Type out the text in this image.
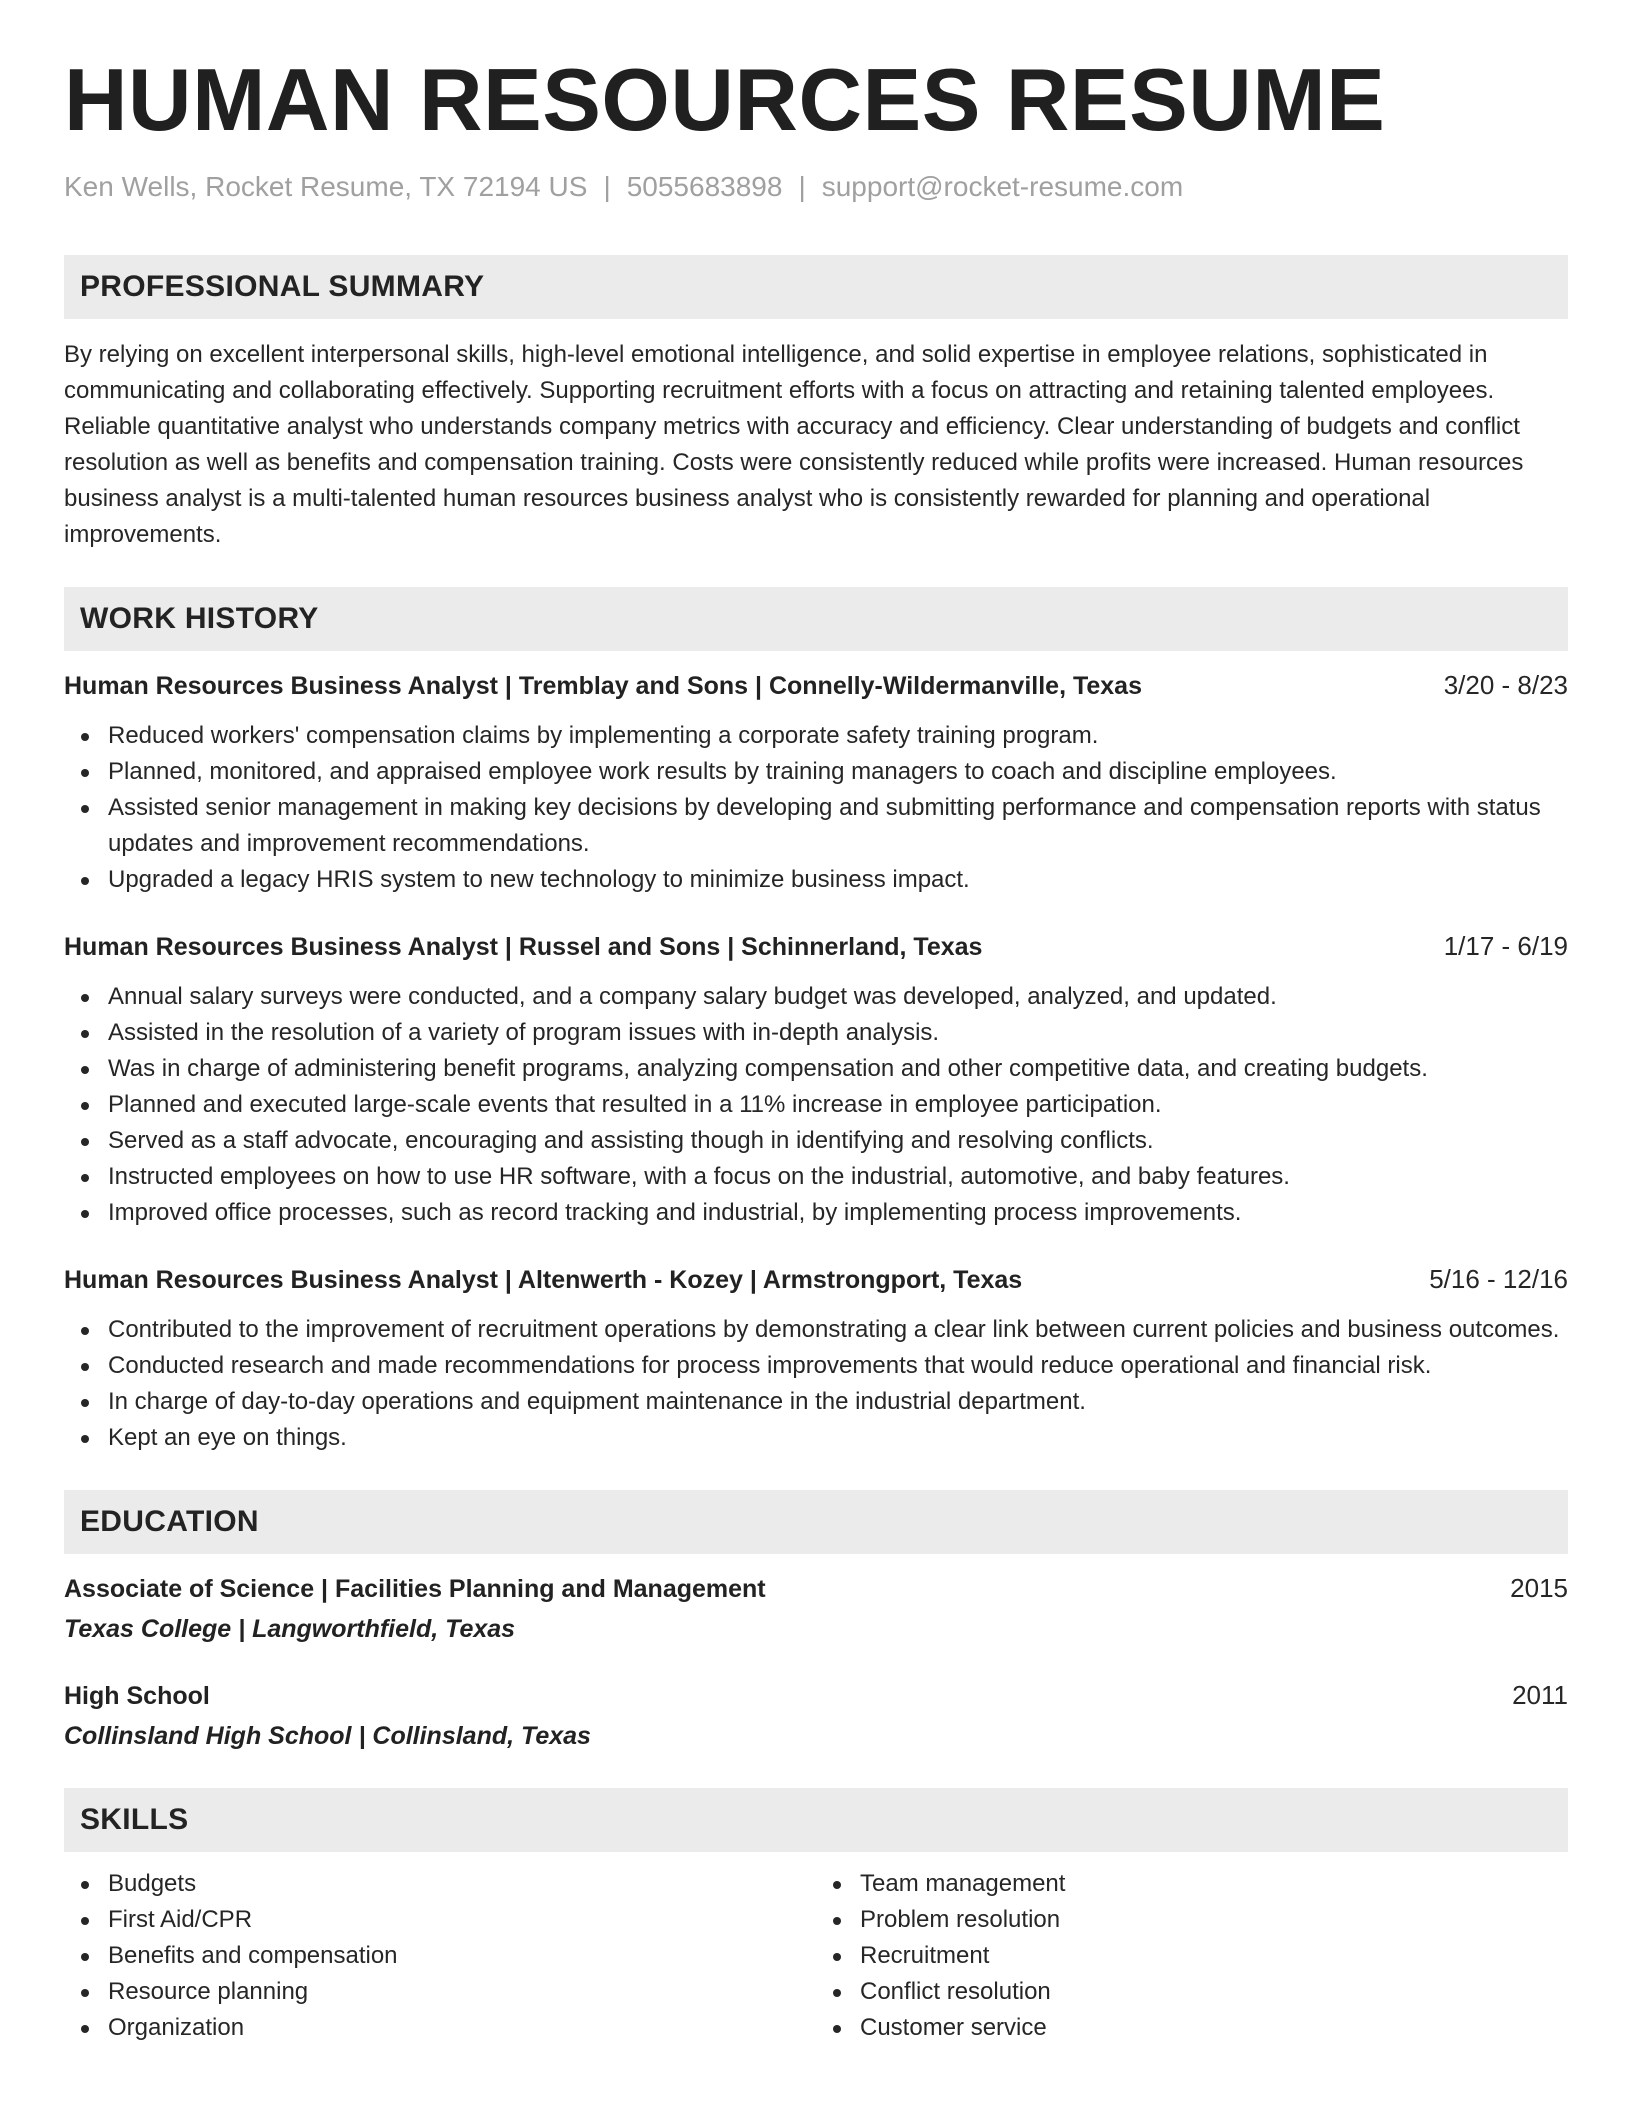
HUMAN RESOURCES RESUME
Ken Wells, Rocket Resume, TX 72194 US | 5055683898 | support@rocket-resume.com
PROFESSIONAL SUMMARY
By relying on excellent interpersonal skills, high-level emotional intelligence, and solid expertise in employee relations, sophisticated in communicating and collaborating effectively. Supporting recruitment efforts with a focus on attracting and retaining talented employees. Reliable quantitative analyst who understands company metrics with accuracy and efficiency. Clear understanding of budgets and conflict resolution as well as benefits and compensation training. Costs were consistently reduced while profits were increased. Human resources business analyst is a multi-talented human resources business analyst who is consistently rewarded for planning and operational improvements.
WORK HISTORY
Human Resources Business Analyst | Tremblay and Sons | Connelly-Wildermanville, Texas	3/20 - 8/23
Reduced workers' compensation claims by implementing a corporate safety training program.
Planned, monitored, and appraised employee work results by training managers to coach and discipline employees.
Assisted senior management in making key decisions by developing and submitting performance and compensation reports with status updates and improvement recommendations.
Upgraded a legacy HRIS system to new technology to minimize business impact.
Human Resources Business Analyst | Russel and Sons | Schinnerland, Texas	1/17 - 6/19
Annual salary surveys were conducted, and a company salary budget was developed, analyzed, and updated.
Assisted in the resolution of a variety of program issues with in-depth analysis.
Was in charge of administering benefit programs, analyzing compensation and other competitive data, and creating budgets.
Planned and executed large-scale events that resulted in a 11% increase in employee participation.
Served as a staff advocate, encouraging and assisting though in identifying and resolving conflicts.
Instructed employees on how to use HR software, with a focus on the industrial, automotive, and baby features.
Improved office processes, such as record tracking and industrial, by implementing process improvements.
Human Resources Business Analyst | Altenwerth - Kozey | Armstrongport, Texas	5/16 - 12/16
Contributed to the improvement of recruitment operations by demonstrating a clear link between current policies and business outcomes.
Conducted research and made recommendations for process improvements that would reduce operational and financial risk.
In charge of day-to-day operations and equipment maintenance in the industrial department.
Kept an eye on things.
EDUCATION
Associate of Science | Facilities Planning and Management	2015
Texas College | Langworthfield, Texas
High School	2011
Collinsland High School | Collinsland, Texas
SKILLS
Budgets
First Aid/CPR
Benefits and compensation
Resource planning
Organization
Team management
Problem resolution
Recruitment
Conflict resolution
Customer service
